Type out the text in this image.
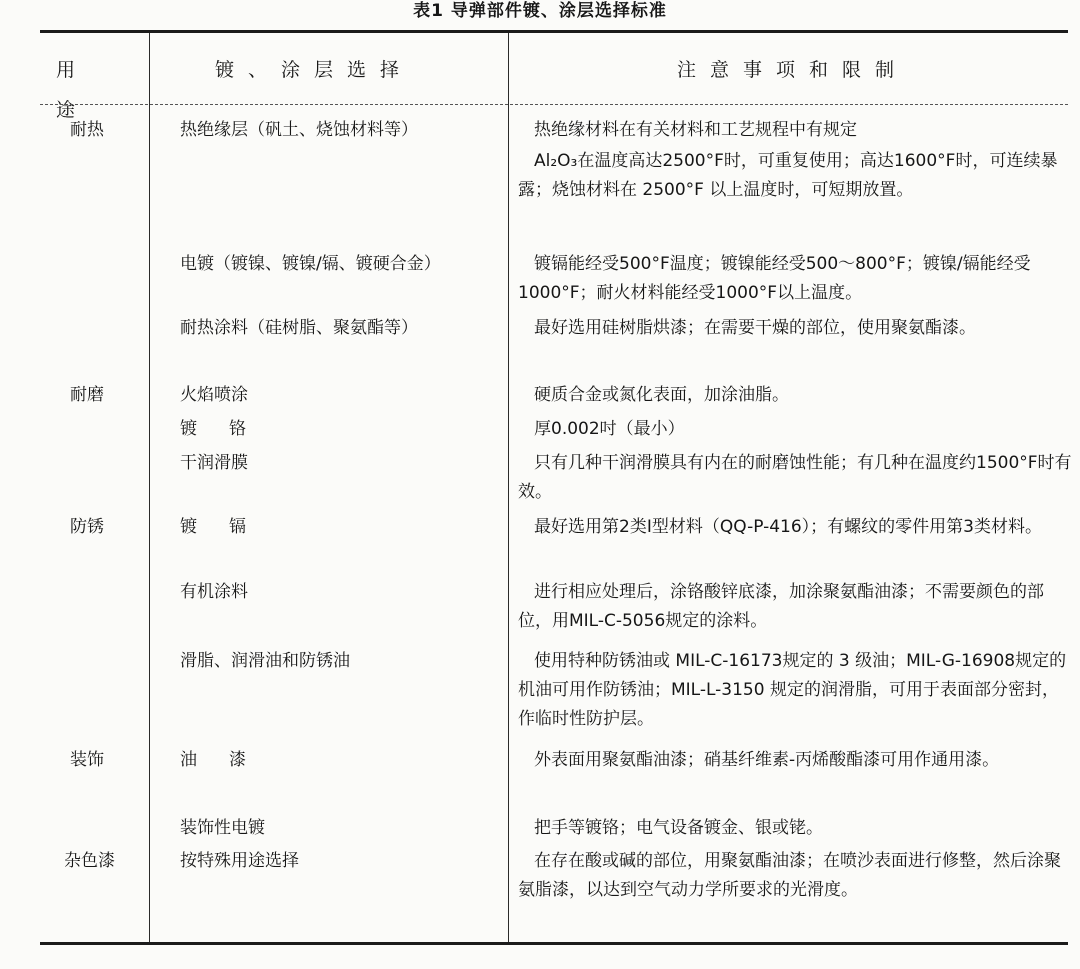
表1 导弹部件镀、涂层选择标准
用 途
镀、涂层选择	注意事项和限制
耐热	热绝缘层（矾土、烧蚀材料等）	热绝缘材料在有关材料和工艺规程中有规定
Al₂O₃在温度高达2500°F时，可重复使用；高达1600°F时，可连续暴露；烧蚀材料在 2500°F 以上温度时，可短期放置。
电镀（镀镍、镀镍/镉、镀硬合金）	镀镉能经受500°F温度；镀镍能经受500～800°F；镀镍/镉能经受1000°F；耐火材料能经受1000°F以上温度。
耐热涂料（硅树脂、聚氨酯等）	最好选用硅树脂烘漆；在需要干燥的部位，使用聚氨酯漆。
耐磨	火焰喷涂	硬质合金或氮化表面，加涂油脂。
镀铬	厚0.002吋（最小）
干润滑膜	只有几种干润滑膜具有内在的耐磨蚀性能；有几种在温度约1500°F时有效。
防锈	镀镉	最好选用第2类Ⅰ型材料（QQ-P-416）；有螺纹的零件用第3类材料。
有机涂料	进行相应处理后，涂铬酸锌底漆，加涂聚氨酯油漆；不需要颜色的部位，用MIL-C-5056规定的涂料。
滑脂、润滑油和防锈油	使用特种防锈油或 MIL-C-16173规定的 3 级油；MIL-G-16908规定的机油可用作防锈油；MIL-L-3150 规定的润滑脂，可用于表面部分密封，作临时性防护层。
装饰	油漆	外表面用聚氨酯油漆；硝基纤维素-丙烯酸酯漆可用作通用漆。
装饰性电镀	把手等镀铬；电气设备镀金、银或铑。
杂色漆	按特殊用途选择	在存在酸或碱的部位，用聚氨酯油漆；在喷沙表面进行修整，然后涂聚氨脂漆，以达到空气动力学所要求的光滑度。
